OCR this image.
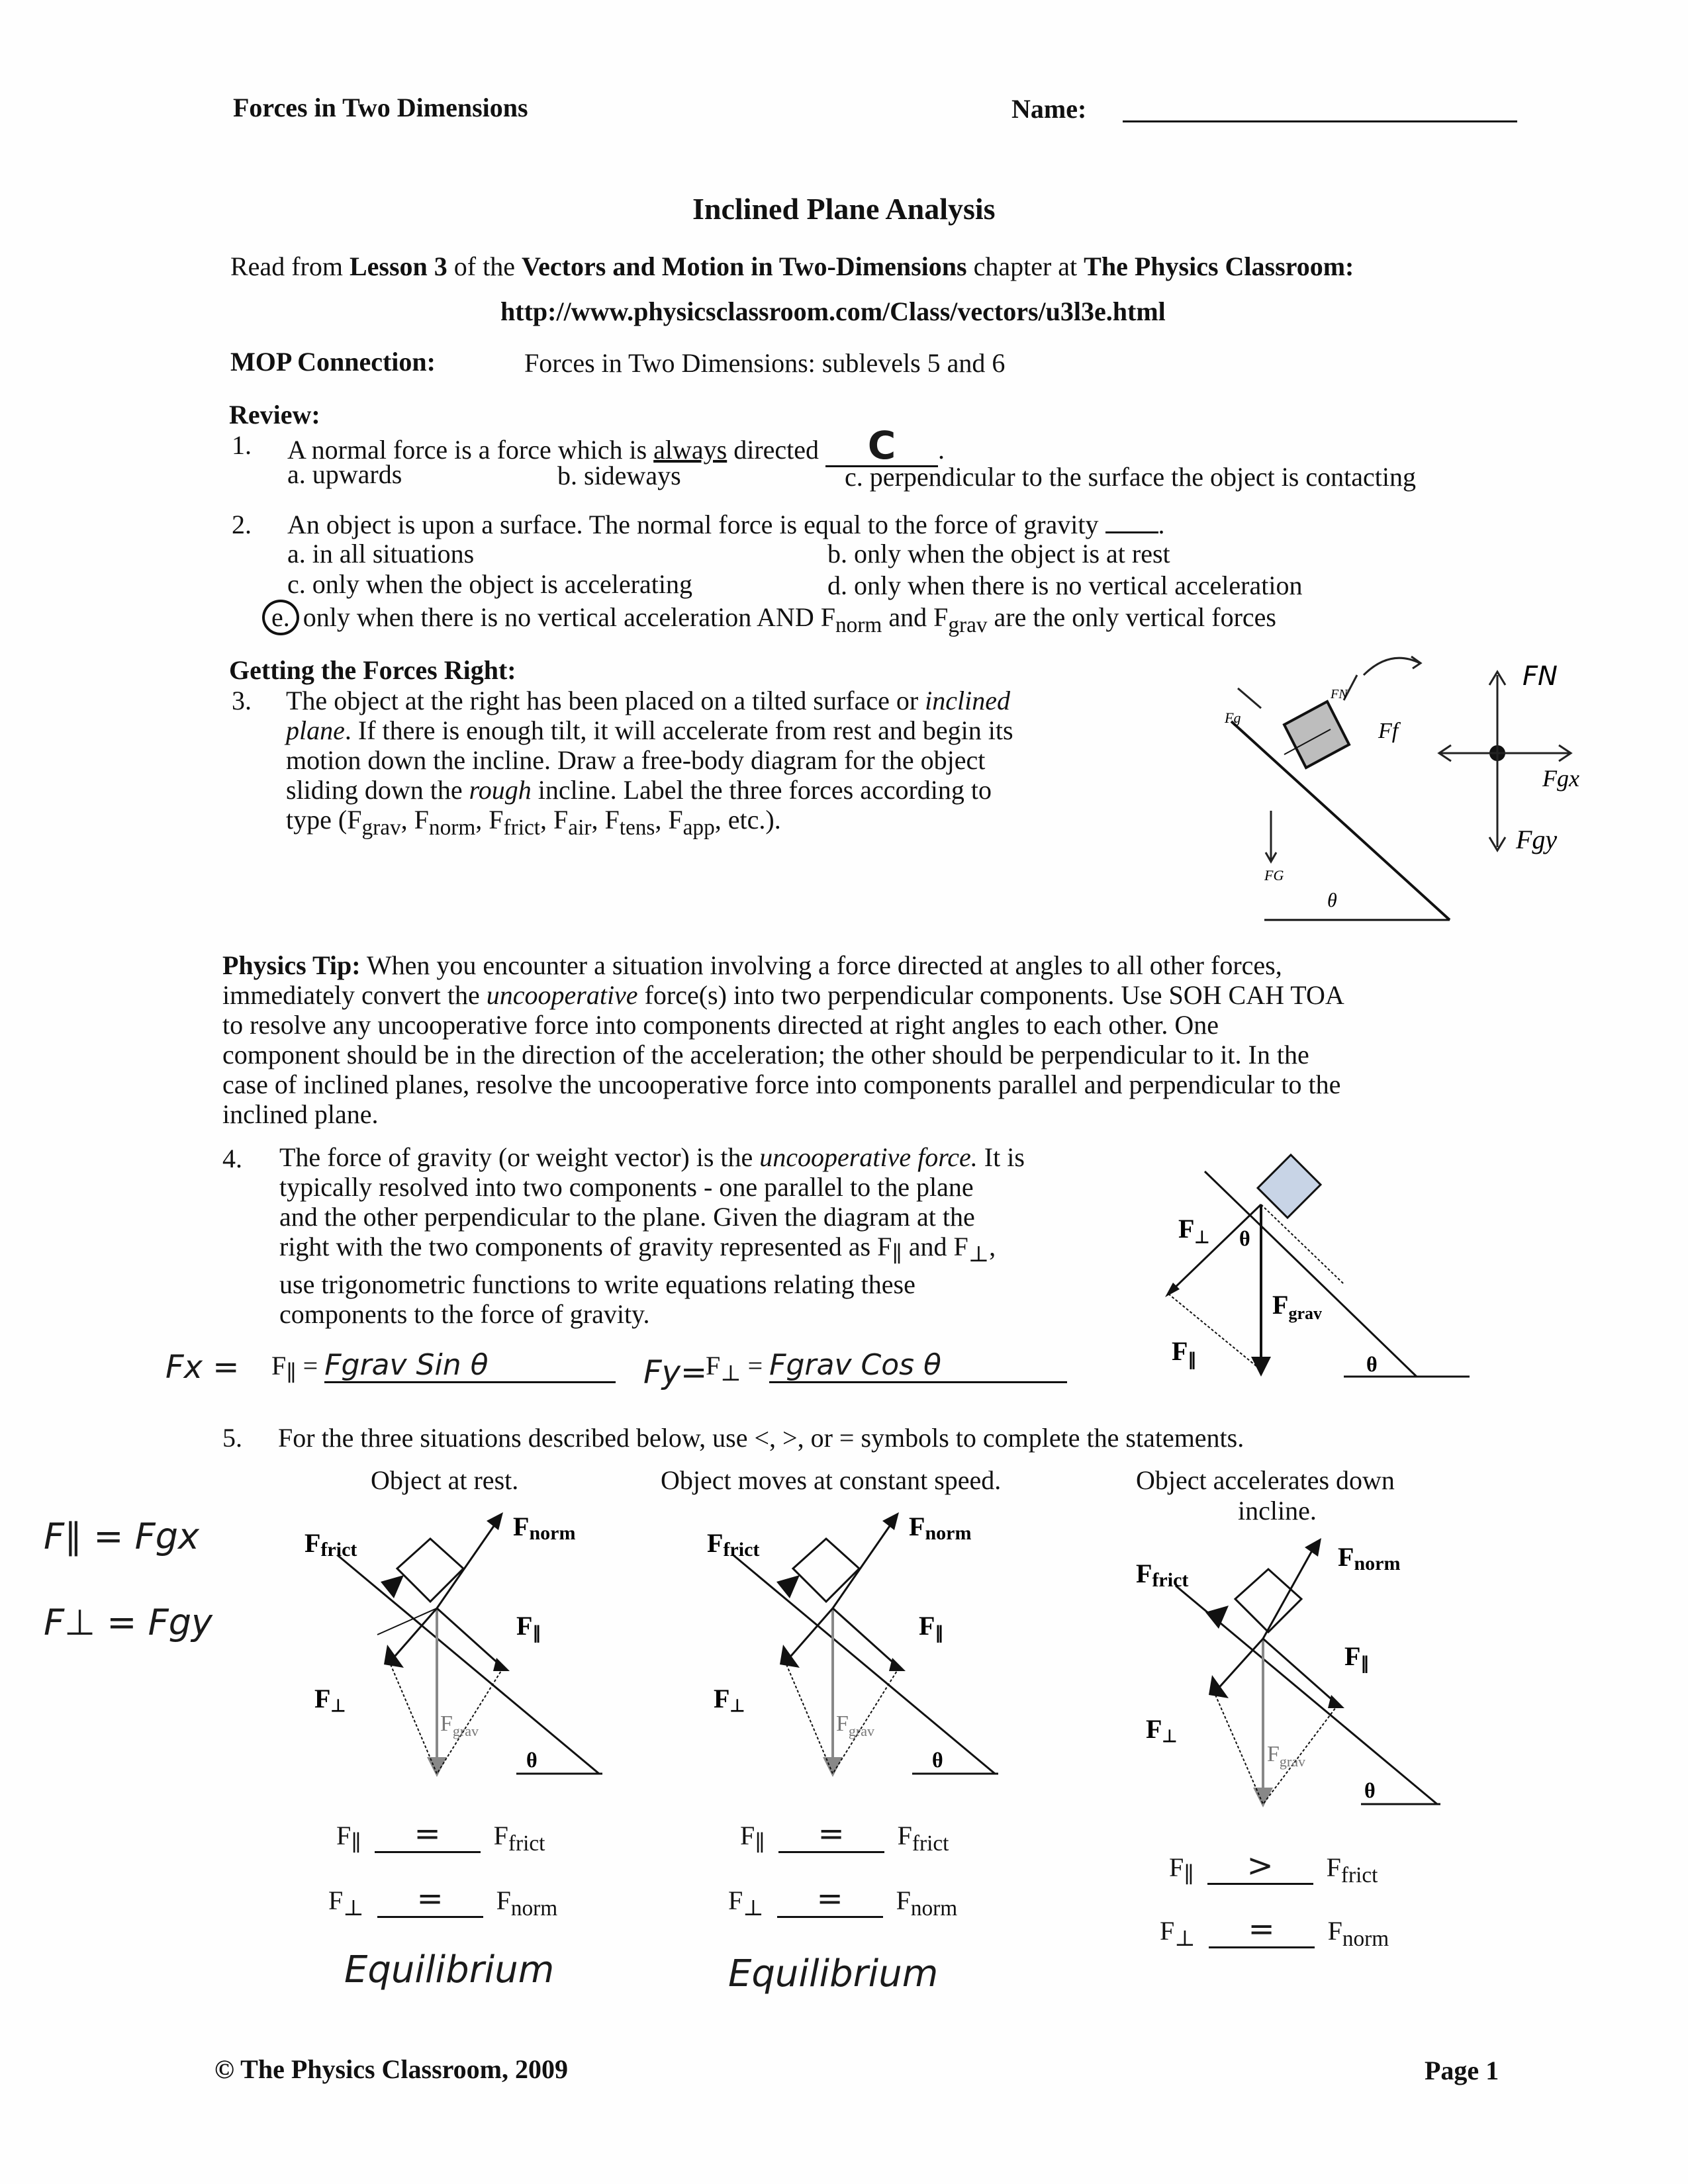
Forces in Two Dimensions	Name:
Inclined Plane Analysis
Read from Lesson 3 of the Vectors and Motion in Two-Dimensions chapter at The Physics Classroom:
http://www.physicsclassroom.com/Class/vectors/u3l3e.html
MOP Connection:	Forces in Two Dimensions: sublevels 5 and 6
Review:
1. A normal force is a force which is always directed C .
a. upwards	b. sideways	c. perpendicular to the surface the object is contacting
2. An object is upon a surface. The normal force is equal to the force of gravity .
a. in all situations	b. only when the object is at rest
c. only when the object is accelerating	d. only when there is no vertical acceleration
e. only when there is no vertical acceleration AND $F_{norm}$ and $F_{grav}$ are the only vertical forces
Getting the Forces Right:
3. The object at the right has been placed on a tilted surface or inclined
plane. If there is enough tilt, it will accelerate from rest and begin its
motion down the incline. Draw a free-body diagram for the object
sliding down the rough incline. Label the three forces according to
type ($F_{grav}$, $F_{norm}$, $F_{frict}$, $F_{air}$, $F_{tens}$, $F_{app}$, etc.).
θ
FN
Fgx
Fgy
Ff
Fg
FN
FG
Physics Tip: When you encounter a situation involving a force directed at angles to all other forces,
immediately convert the uncooperative force(s) into two perpendicular components. Use SOH CAH TOA
to resolve any uncooperative force into components directed at right angles to each other. One
component should be in the direction of the acceleration; the other should be perpendicular to it. In the
case of inclined planes, resolve the uncooperative force into components parallel and perpendicular to the
inclined plane.
4. The force of gravity (or weight vector) is the uncooperative force. It is
typically resolved into two components - one parallel to the plane
and the other perpendicular to the plane. Given the diagram at the
right with the two components of gravity represented as $F_\parallel$ and $F_\perp$,
use trigonometric functions to write equations relating these
components to the force of gravity.
$Fx = F_\parallel$ = Fgrav Sin θ	Fy=
$F_\perp$ = Fgrav Cos θ
$F_\perp$
$F_\parallel$
$F_{grav}$
θ
θ
5. For the three situations described below, use <, >, or = symbols to complete the statements.
F∥ = Fgx
F⊥ = Fgy
Object at rest.	Object moves at constant speed.	Object accelerates down
incline.
Ffrict
Fnorm
F∥
F⊥
$F_{grav}$
θ
Ffrict
Fnorm
F∥
F⊥
$F_{grav}$
θ
Ffrict
Fnorm
F∥
F⊥
$F_{grav}$
θ
$F_\parallel = F_{frict}$
$F_\perp = F_{norm}$
Equilibrium
$F_\parallel = F_{frict}$
$F_\perp = F_{norm}$
Equilibrium
$F_\parallel > F_{frict}$
$F_\perp = F_{norm}$
© The Physics Classroom, 2009	Page 1
